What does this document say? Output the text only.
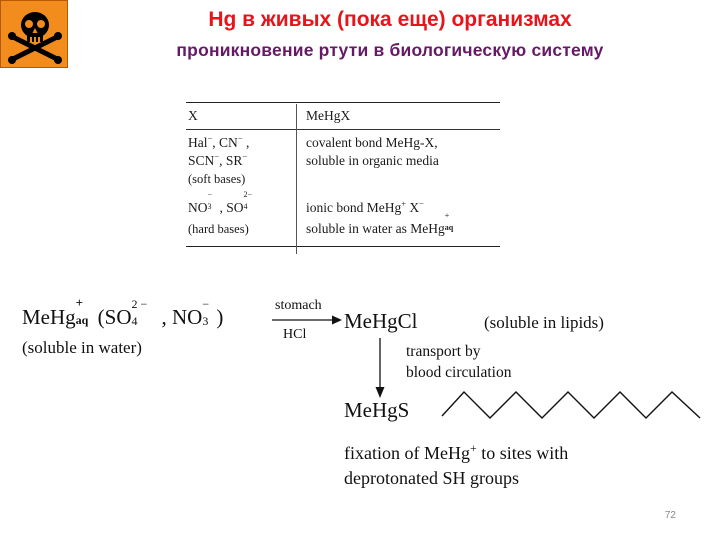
Hg в живых (пока еще) организмах
проникновение ртути в биологическую систему
X	MeHgX
Hal−, CN− ,
SCN−, SR−
(soft bases)
covalent bond MeHg-X,
soluble in organic media
NO
−
3 , SO
2−
4
(hard bases)
ionic bond MeHg+ X−
soluble in water as MeHg
+
aq
MeHg
+
aq (SO
2 −
4 , NO
−
3 )
(soluble in water)
stomach
HCl
MeHgCl	(soluble in lipids)
transport by
blood circulation
MeHgS
fixation of MeHg+ to sites with
deprotonated SH groups
72
